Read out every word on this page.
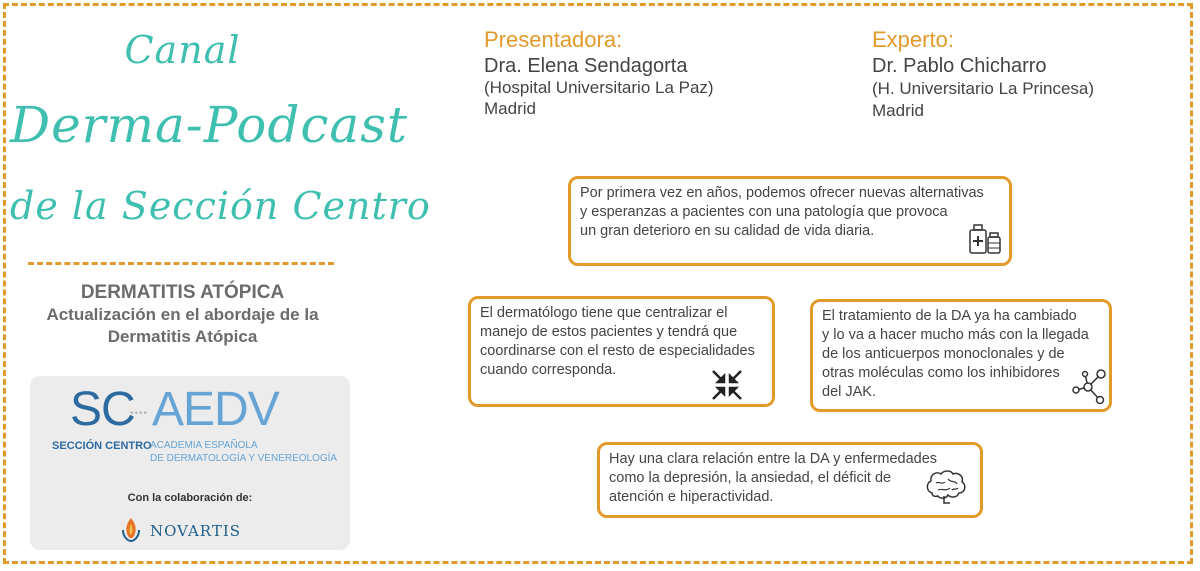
Canal
Derma-Podcast
de la Sección Centro
DERMATITIS ATÓPICA
Actualización en el abordaje de la
Dermatitis Atópica
SC
•••• AEDV
SECCIÓN CENTRO
ACADEMIA ESPAÑOLA
DE DERMATOLOGÍA Y VENEREOLOGÍA
Con la colaboración de:
NOVARTIS
Presentadora:
Dra. Elena Sendagorta
(Hospital Universitario La Paz)
Madrid
Experto:
Dr. Pablo Chicharro
(H. Universitario La Princesa)
Madrid
Por primera vez en años, podemos ofrecer nuevas alternativas
y esperanzas a pacientes con una patología que provoca
un gran deterioro en su calidad de vida diaria.
El dermatólogo tiene que centralizar el
manejo de estos pacientes y tendrá que
coordinarse con el resto de especialidades
cuando corresponda.
El tratamiento de la DA ya ha cambiado
y lo va a hacer mucho más con la llegada
de los anticuerpos monoclonales y de
otras moléculas como los inhibidores
del JAK.
Hay una clara relación entre la DA y enfermedades
como la depresión, la ansiedad, el déficit de
atención e hiperactividad.
